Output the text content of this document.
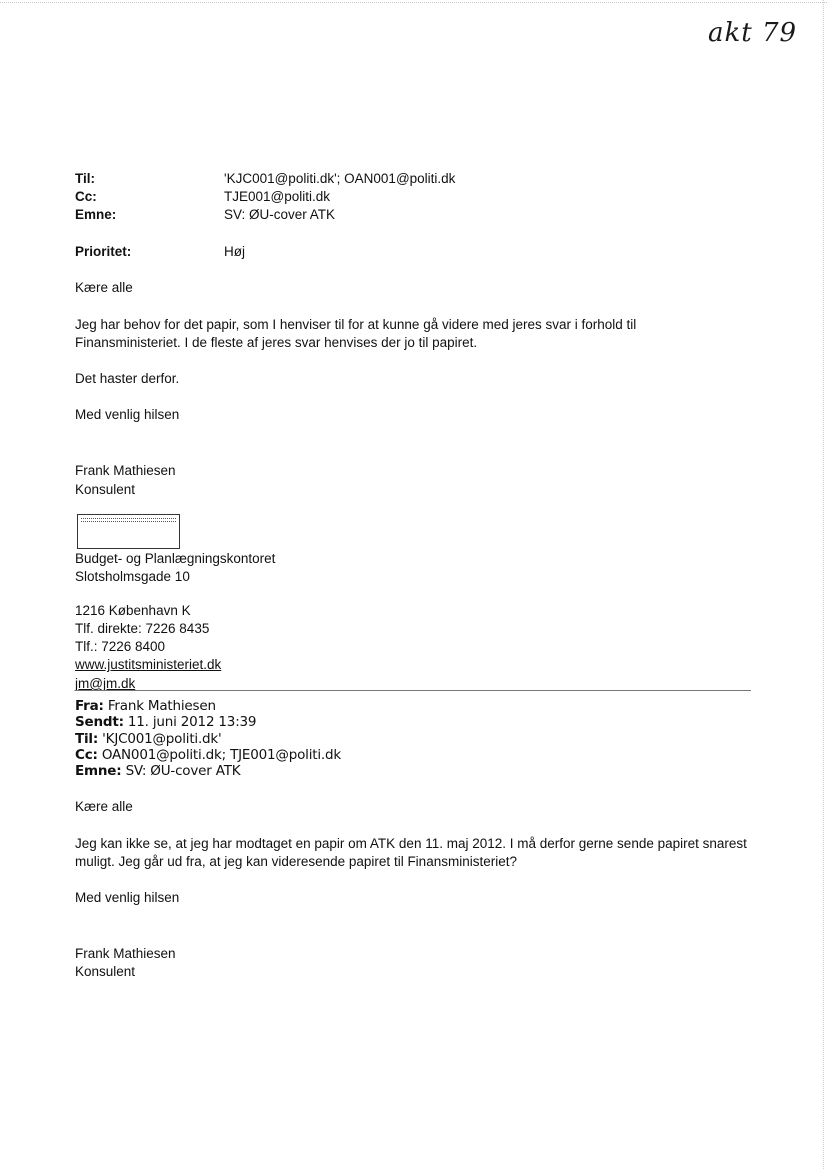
akt 79
Til:	'KJC001@politi.dk'; OAN001@politi.dk
Cc:	TJE001@politi.dk
Emne:	SV: ØU-cover ATK
Prioritet:	Høj
Kære alle
Jeg har behov for det papir, som I henviser til for at kunne gå videre med jeres svar i forhold til
Finansministeriet. I de fleste af jeres svar henvises der jo til papiret.
Det haster derfor.
Med venlig hilsen
Frank Mathiesen
Konsulent
Budget- og Planlægningskontoret
Slotsholmsgade 10
1216 København K
Tlf. direkte: 7226 8435
Tlf.: 7226 8400
www.justitsministeriet.dk
jm@jm.dk
Fra: Frank Mathiesen
Sendt: 11. juni 2012 13:39
Til: 'KJC001@politi.dk'
Cc: OAN001@politi.dk; TJE001@politi.dk
Emne: SV: ØU-cover ATK
Kære alle
Jeg kan ikke se, at jeg har modtaget en papir om ATK den 11. maj 2012. I må derfor gerne sende papiret snarest
muligt. Jeg går ud fra, at jeg kan videresende papiret til Finansministeriet?
Med venlig hilsen
Frank Mathiesen
Konsulent
